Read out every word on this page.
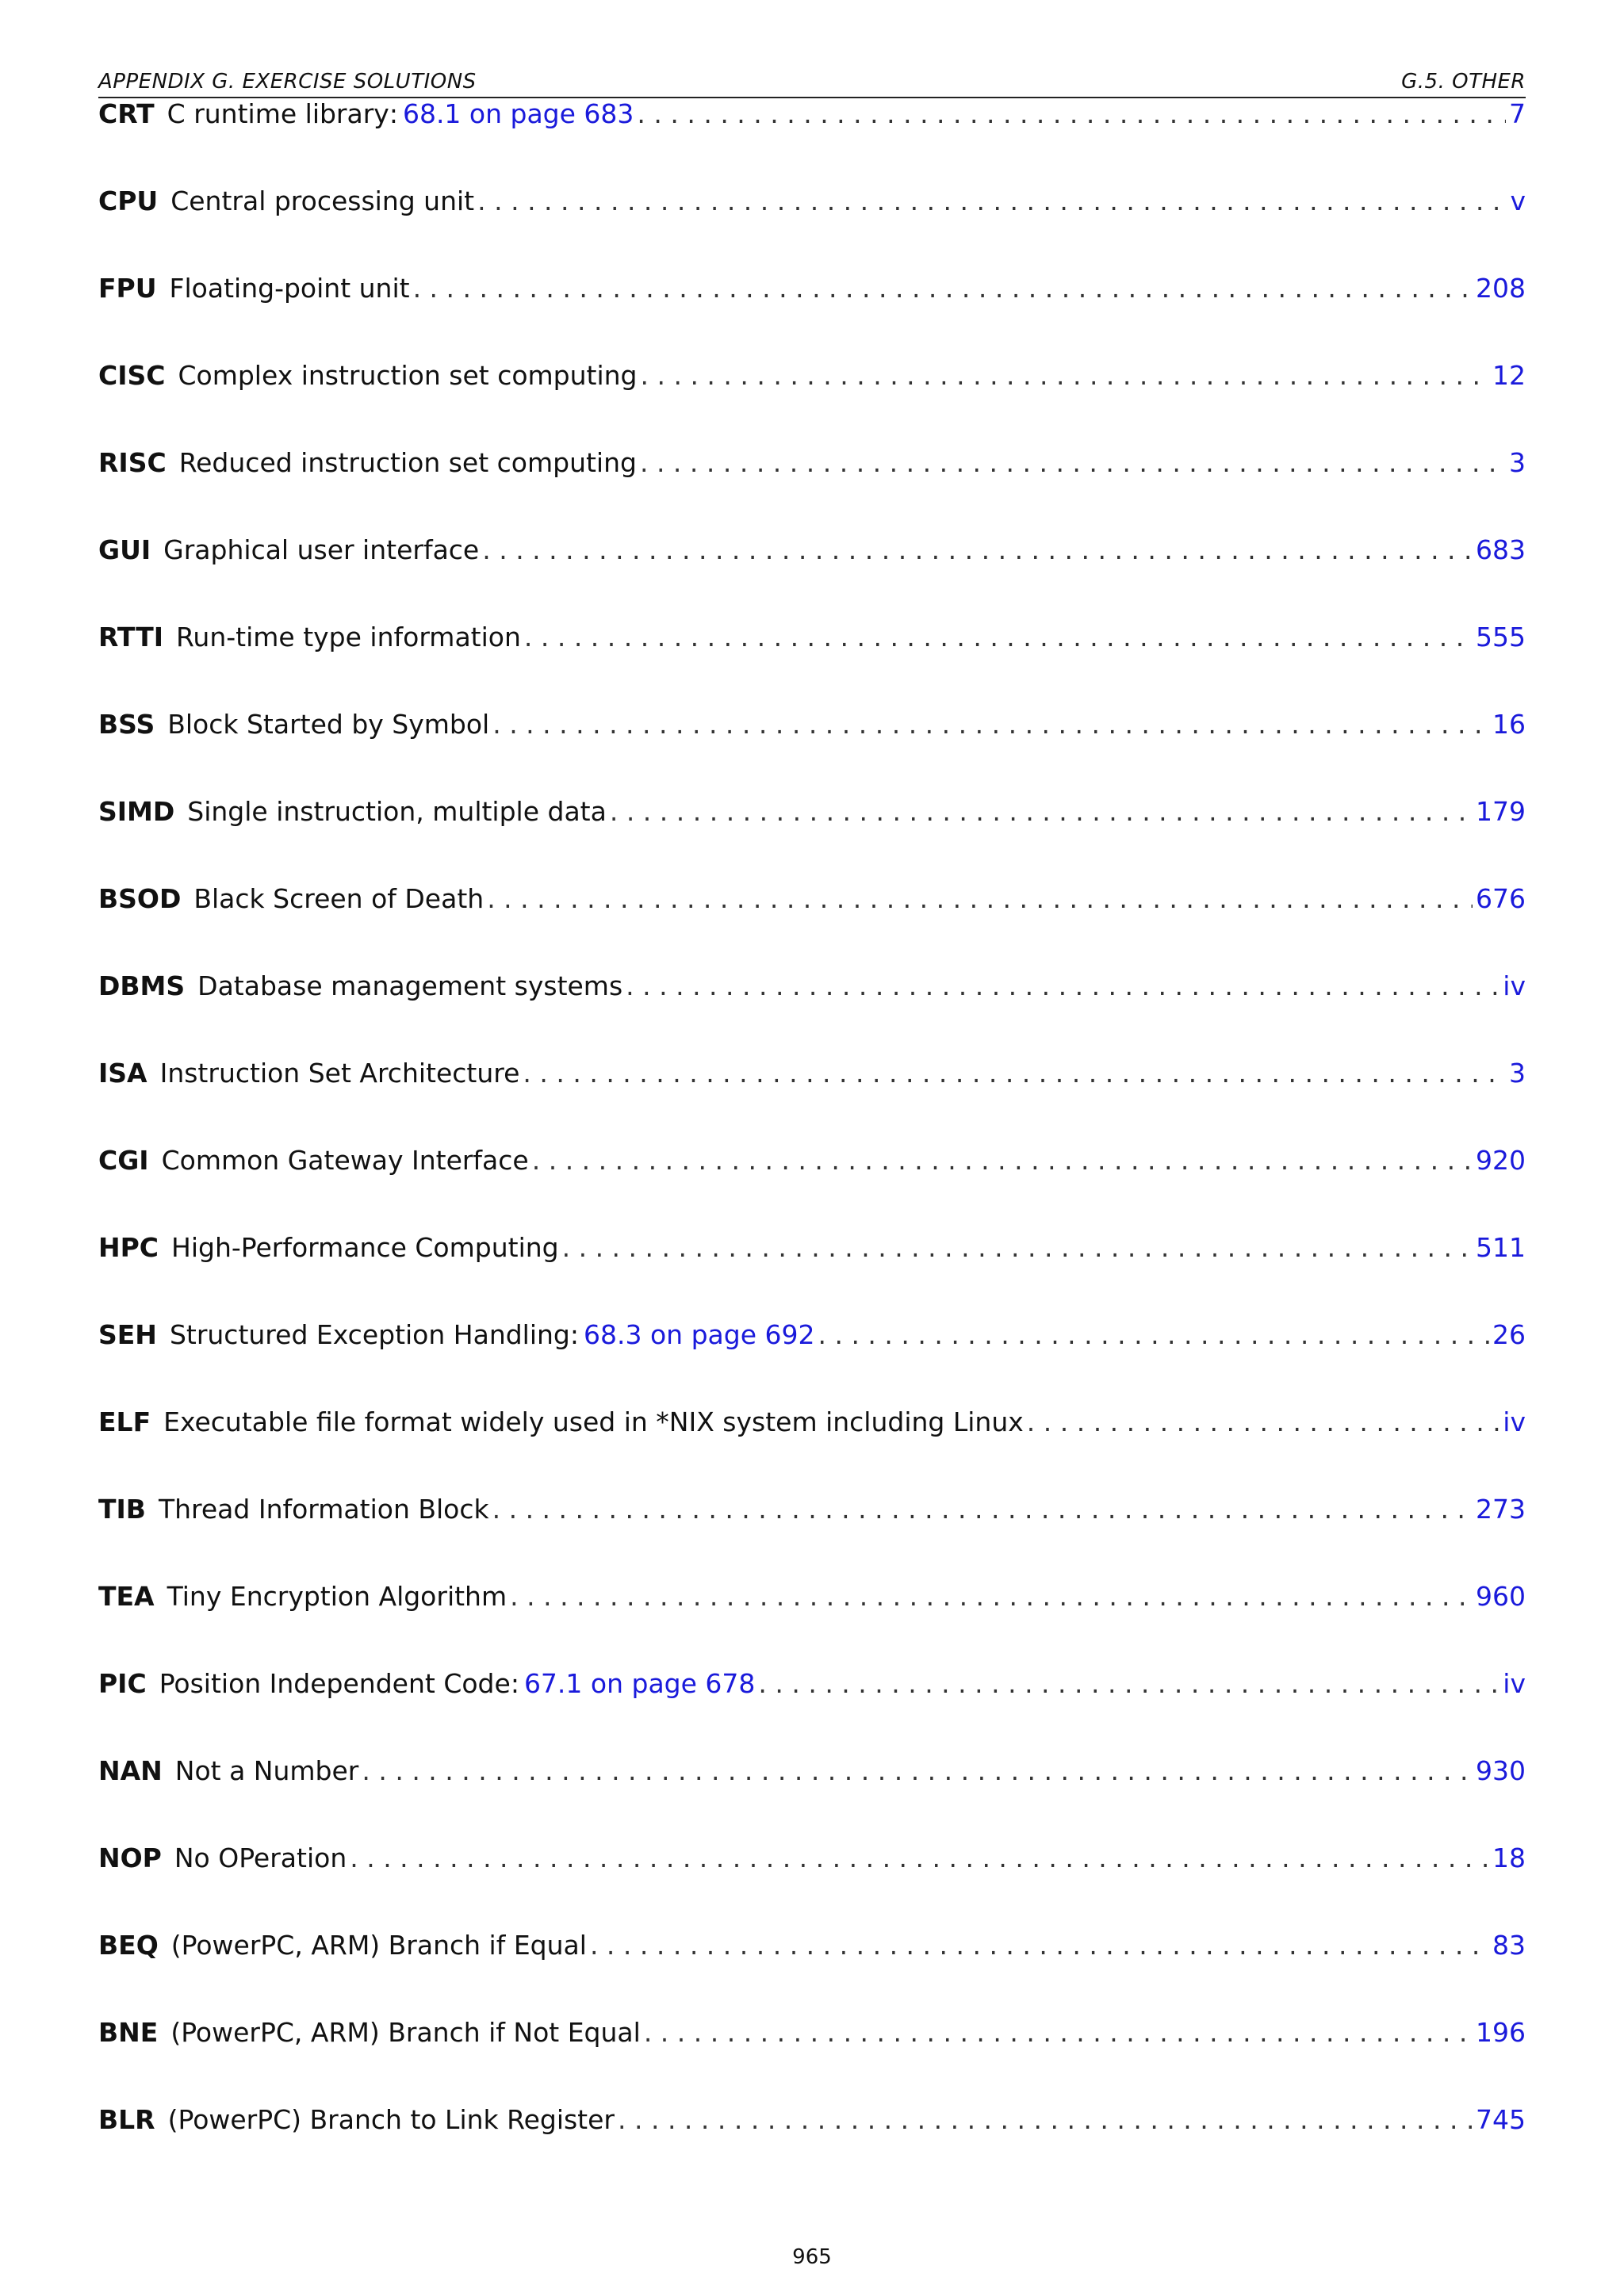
APPENDIX G. EXERCISE SOLUTIONS	G.5. OTHER
CRT C runtime library : 68.1 on page 683 . . .	7
CPU Central processing unit . . .	v
FPU Floating-point unit . . .	208
CISC Complex instruction set computing . . .	12
RISC Reduced instruction set computing . . .	3
GUI Graphical user interface . . .	683
RTTI Run-time type information . . .	555
BSS Block Started by Symbol . . .	16
SIMD Single instruction, multiple data . . .	179
BSOD Black Screen of Death . . .	676
DBMS Database management systems . . .	iv
ISA Instruction Set Architecture . . .	3
CGI Common Gateway Interface . . .	920
HPC High-Performance Computing . . .	511
SEH Structured Exception Handling : 68.3 on page 692 . . .	26
ELF Executable file format widely used in *NIX system including Linux . . .	iv
TIB Thread Information Block . . .	273
TEA Tiny Encryption Algorithm . . .	960
PIC Position Independent Code : 67.1 on page 678 . . .	iv
NAN Not a Number . . .	930
NOP No OPeration . . .	18
BEQ (PowerPC, ARM) Branch if Equal . . .	83
BNE (PowerPC, ARM) Branch if Not Equal . . .	196
BLR (PowerPC) Branch to Link Register . . .	745
965
